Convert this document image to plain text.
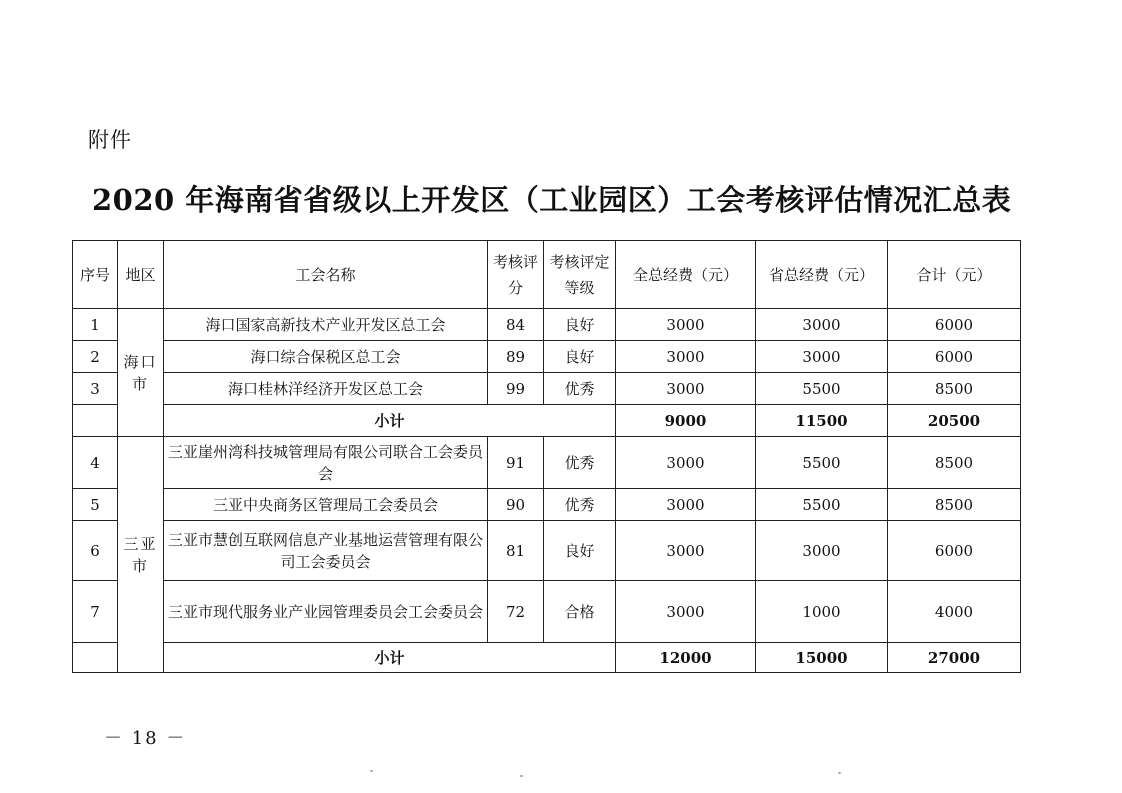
附件
2020 年海南省省级以上开发区（工业园区）工会考核评估情况汇总表
序号	地区	工会名称	考核评分	考核评定等级	全总经费（元）	省总经费（元）	合计（元）
1	海口市	海口国家高新技术产业开发区总工会	84	良好	3000	3000	6000
2		海口综合保税区总工会	89	良好	3000	3000	6000
3		海口桂林洋经济开发区总工会	99	优秀	3000	5500	8500
		小计			9000	11500	20500
4	三亚市	三亚崖州湾科技城管理局有限公司联合工会委员会	91	优秀	3000	5500	8500
5		三亚中央商务区管理局工会委员会	90	优秀	3000	5500	8500
6		三亚市慧创互联网信息产业基地运营管理有限公司工会委员会	81	良好	3000	3000	6000
7		三亚市现代服务业产业园管理委员会工会委员会	72	合格	3000	1000	4000
		小计			12000	15000	27000
－ 18 －
